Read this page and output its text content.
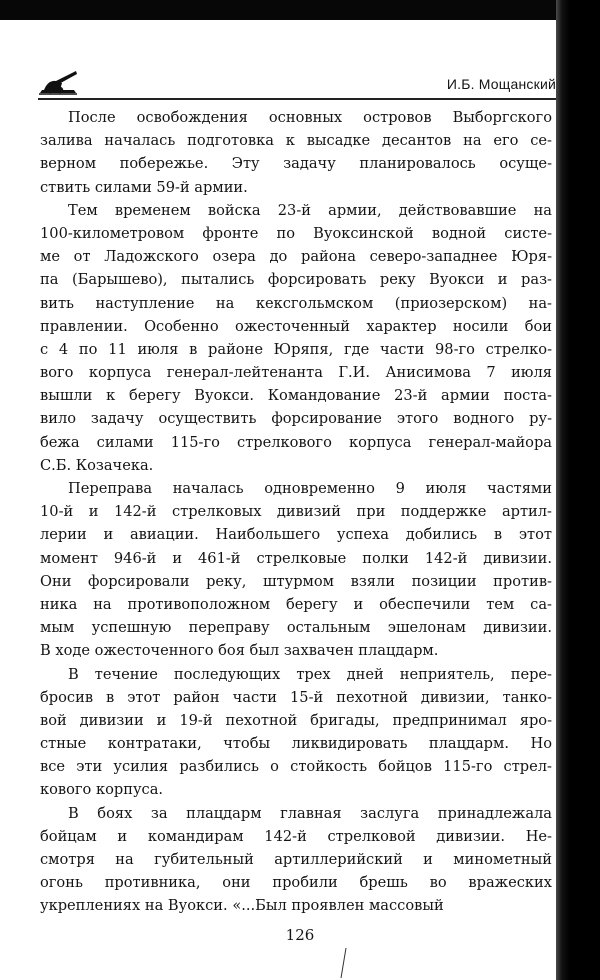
И.Б. Мощанский
После освобождения основных островов Выборгского
залива началась подготовка к высадке десантов на его се-
верном побережье. Эту задачу планировалось осуще-
ствить силами 59-й армии.
Тем временем войска 23-й армии, действовавшие на
100-километровом фронте по Вуоксинской водной систе-
ме от Ладожского озера до района северо-западнее Юря-
па (Барышево), пытались форсировать реку Вуокси и раз-
вить наступление на кексгольмском (приозерском) на-
правлении. Особенно ожесточенный характер носили бои
с 4 по 11 июля в районе Юряпя, где части 98-го стрелко-
вого корпуса генерал-лейтенанта Г.И. Анисимова 7 июля
вышли к берегу Вуокси. Командование 23-й армии поста-
вило задачу осуществить форсирование этого водного ру-
бежа силами 115-го стрелкового корпуса генерал-майора
С.Б. Козачека.
Переправа началась одновременно 9 июля частями
10-й и 142-й стрелковых дивизий при поддержке артил-
лерии и авиации. Наибольшего успеха добились в этот
момент 946-й и 461-й стрелковые полки 142-й дивизии.
Они форсировали реку, штурмом взяли позиции против-
ника на противоположном берегу и обеспечили тем са-
мым успешную переправу остальным эшелонам дивизии.
В ходе ожесточенного боя был захвачен плацдарм.
В течение последующих трех дней неприятель, пере-
бросив в этот район части 15-й пехотной дивизии, танко-
вой дивизии и 19-й пехотной бригады, предпринимал яро-
стные контратаки, чтобы ликвидировать плацдарм. Но
все эти усилия разбились о стойкость бойцов 115-го стрел-
кового корпуса.
В боях за плацдарм главная заслуга принадлежала
бойцам и командирам 142-й стрелковой дивизии. Не-
смотря на губительный артиллерийский и минометный
огонь противника, они пробили брешь во вражеских
укреплениях на Вуокси. «...Был проявлен массовый
126
